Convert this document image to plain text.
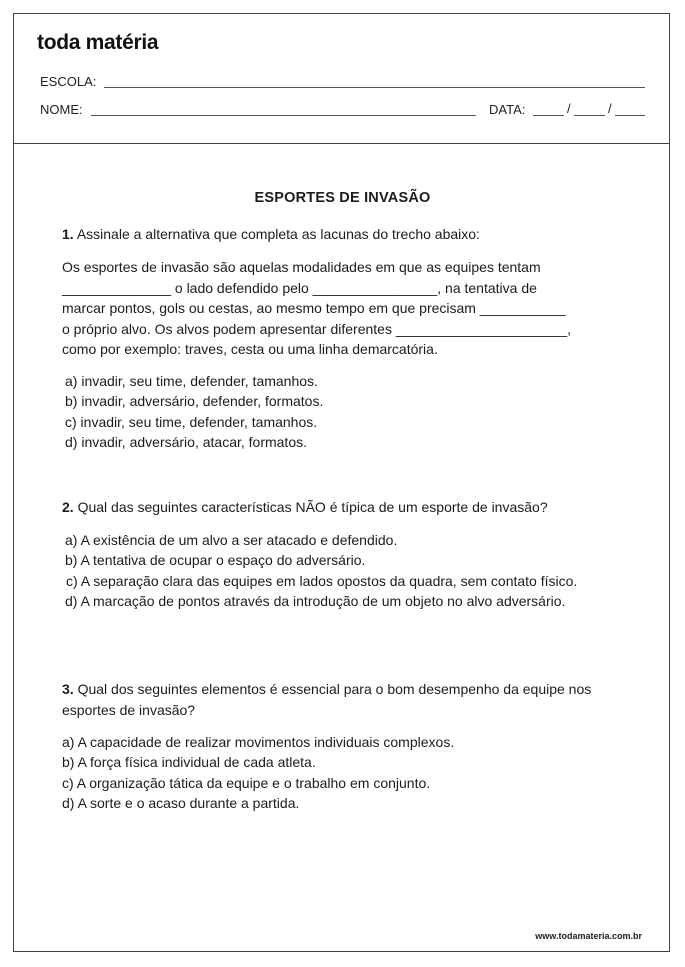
toda matéria
ESCOLA:
NOME:	DATA:	/	/
ESPORTES DE INVASÃO
1. Assinale a alternativa que completa as lacunas do trecho abaixo:
Os esportes de invasão são aquelas modalidades em que as equipes tentam
______________ o lado defendido pelo ________________, na tentativa de
marcar pontos, gols ou cestas, ao mesmo tempo em que precisam ___________
o próprio alvo. Os alvos podem apresentar diferentes ______________________,
como por exemplo: traves, cesta ou uma linha demarcatória.
a) invadir, seu time, defender, tamanhos.
b) invadir, adversário, defender, formatos.
c) invadir, seu time, defender, tamanhos.
d) invadir, adversário, atacar, formatos.
2. Qual das seguintes características NÃO é típica de um esporte de invasão?
a) A existência de um alvo a ser atacado e defendido.
b) A tentativa de ocupar o espaço do adversário.
c) A separação clara das equipes em lados opostos da quadra, sem contato físico.
d) A marcação de pontos através da introdução de um objeto no alvo adversário.
3. Qual dos seguintes elementos é essencial para o bom desempenho da equipe nos esportes de invasão?
a) A capacidade de realizar movimentos individuais complexos.
b) A força física individual de cada atleta.
c) A organização tática da equipe e o trabalho em conjunto.
d) A sorte e o acaso durante a partida.
www.todamateria.com.br
